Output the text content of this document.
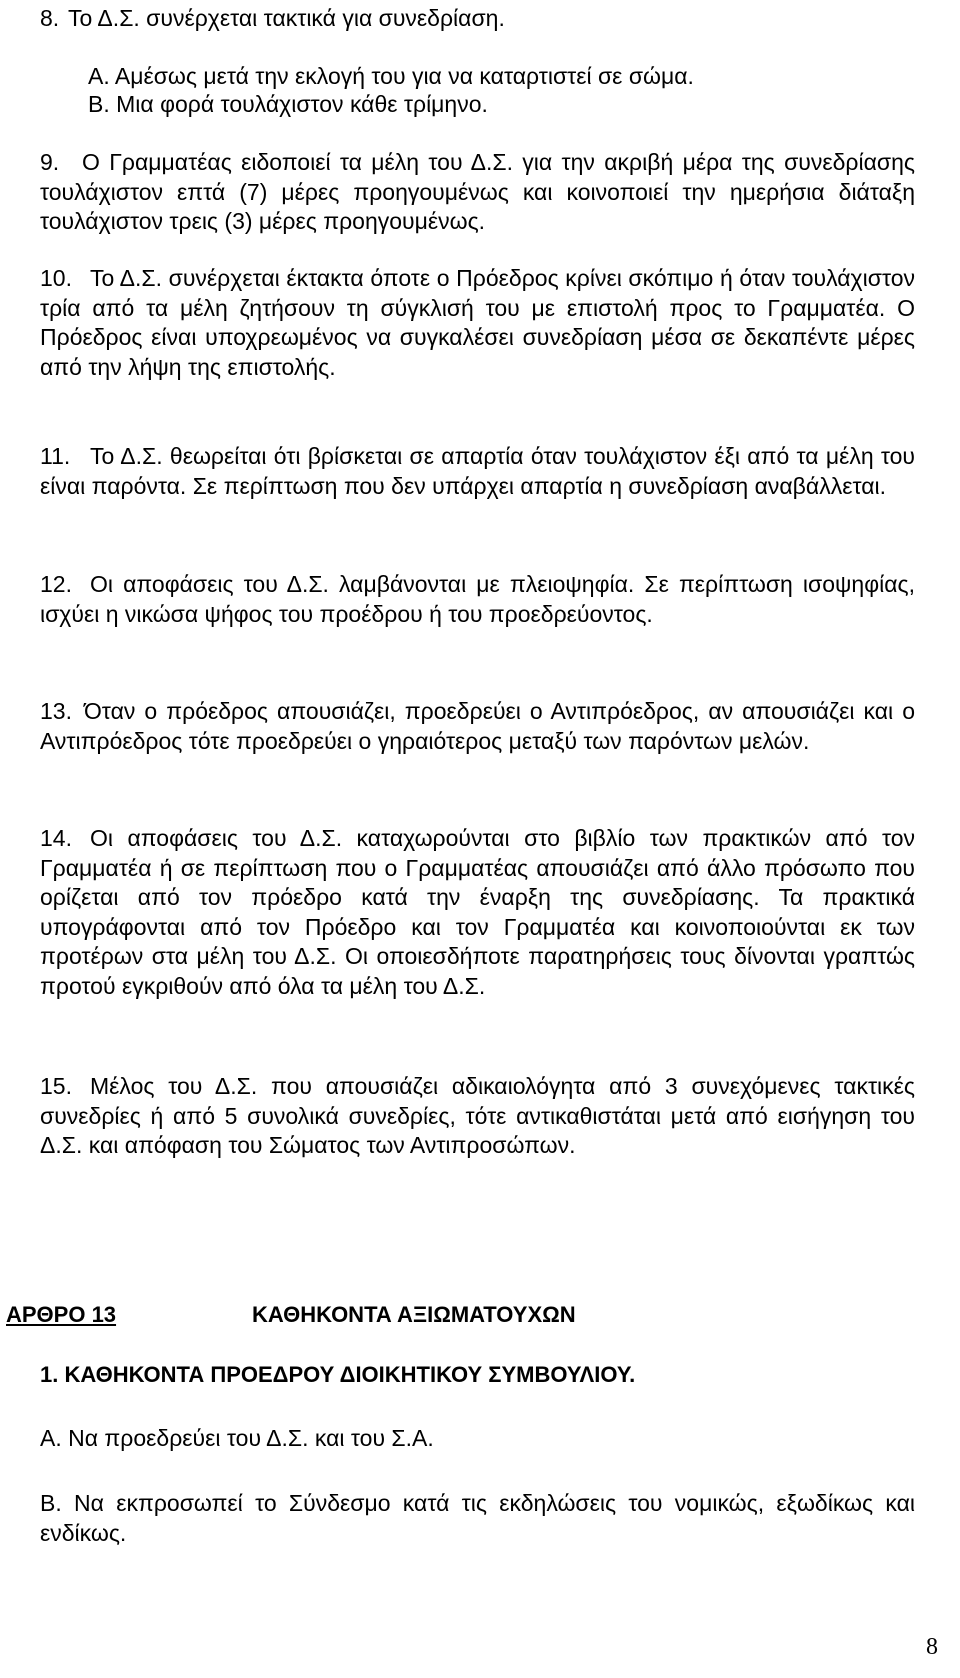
8. Το Δ.Σ. συνέρχεται τακτικά για συνεδρίαση.
Α. Αμέσως μετά την εκλογή του για να καταρτιστεί σε σώμα.
Β. Μια φορά τουλάχιστον κάθε τρίμηνο.
9. Ο Γραμματέας ειδοποιεί τα μέλη του Δ.Σ. για την ακριβή μέρα της συνεδρίασης τουλάχιστον επτά (7) μέρες προηγουμένως και κοινοποιεί την ημερήσια διάταξη τουλάχιστον τρεις (3) μέρες προηγουμένως.
10. Το Δ.Σ. συνέρχεται έκτακτα όποτε ο Πρόεδρος κρίνει σκόπιμο ή όταν τουλάχιστον τρία από τα μέλη ζητήσουν τη σύγκλισή του με επιστολή προς το Γραμματέα. Ο Πρόεδρος είναι υποχρεωμένος να συγκαλέσει συνεδρίαση μέσα σε δεκαπέντε μέρες από την λήψη της επιστολής.
11. Το Δ.Σ. θεωρείται ότι βρίσκεται σε απαρτία όταν τουλάχιστον έξι από τα μέλη του είναι παρόντα. Σε περίπτωση που δεν υπάρχει απαρτία η συνεδρίαση αναβάλλεται.
12. Οι αποφάσεις του Δ.Σ. λαμβάνονται με πλειοψηφία. Σε περίπτωση ισοψηφίας, ισχύει η νικώσα ψήφος του προέδρου ή του προεδρεύοντος.
13. Όταν ο πρόεδρος απουσιάζει, προεδρεύει ο Αντιπρόεδρος, αν απουσιάζει και ο Αντιπρόεδρος τότε προεδρεύει ο γηραιότερος μεταξύ των παρόντων μελών.
14. Οι αποφάσεις του Δ.Σ. καταχωρούνται στο βιβλίο των πρακτικών από τον Γραμματέα ή σε περίπτωση που ο Γραμματέας απουσιάζει από άλλο πρόσωπο που ορίζεται από τον πρόεδρο κατά την έναρξη της συνεδρίασης. Τα πρακτικά υπογράφονται από τον Πρόεδρο και τον Γραμματέα και κοινοποιούνται εκ των προτέρων στα μέλη του Δ.Σ. Οι οποιεσδήποτε παρατηρήσεις τους δίνονται γραπτώς προτού εγκριθούν από όλα τα μέλη του Δ.Σ.
15. Μέλος του Δ.Σ. που απουσιάζει αδικαιολόγητα από 3 συνεχόμενες τακτικές συνεδρίες ή από 5 συνολικά συνεδρίες, τότε αντικαθιστάται μετά από εισήγηση του Δ.Σ. και απόφαση του Σώματος των Αντιπροσώπων.
ΑΡΘΡΟ 13	ΚΑΘΗΚΟΝΤΑ ΑΞΙΩΜΑΤΟΥΧΩΝ
1. ΚΑΘΗΚΟΝΤΑ ΠΡΟΕΔΡΟΥ ΔΙΟΙΚΗΤΙΚΟΥ ΣΥΜΒΟΥΛΙΟΥ.
Α. Να προεδρεύει του Δ.Σ. και του Σ.Α.
Β. Να εκπροσωπεί το Σύνδεσμο κατά τις εκδηλώσεις του νομικώς, εξωδίκως και ενδίκως.
8
